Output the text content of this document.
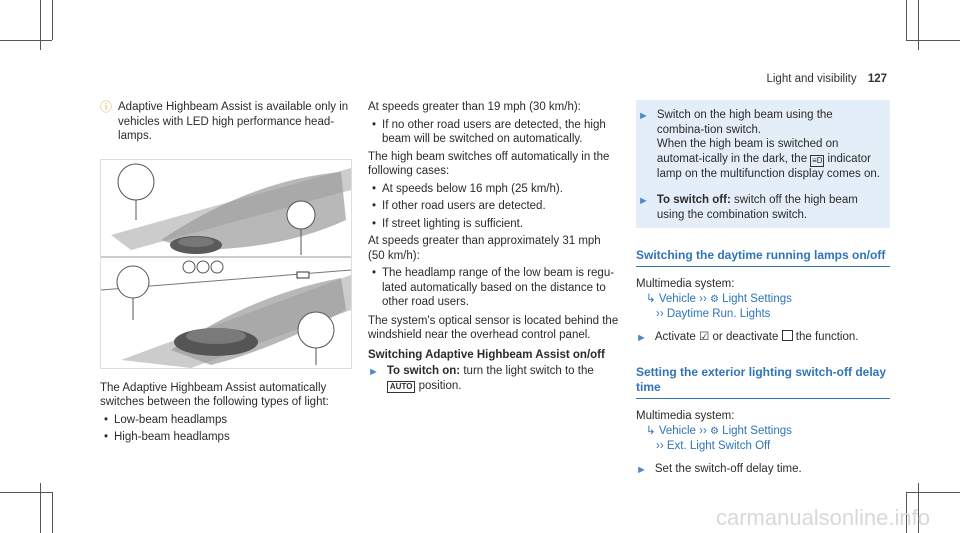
Light and visibility 127
ⓘ Adaptive Highbeam Assist is available only in vehicles with LED high performance head-lamps.

The Adaptive Highbeam Assist automatically switches between the following types of light:

• Low-beam headlamps
• High-beam headlamps

At speeds greater than 19 mph (30 km/h):

• If no other road users are detected, the high beam will be switched on automatically.

The high beam switches off automatically in the following cases:

• At speeds below 16 mph (25 km/h).
• If other road users are detected.
• If street lighting is sufficient.

At speeds greater than approximately 31 mph (50 km/h):

• The headlamp range of the low beam is regu-lated automatically based on the distance to other road users.

The system's optical sensor is located behind the windshield near the overhead control panel.

Switching Adaptive Highbeam Assist on/off

► To switch on: turn the light switch to the AUTO position.
► Switch on the high beam using the combina-tion switch.

When the high beam is switched on automat-ically in the dark, the ≡D indicator lamp on the multifunction display comes on.

► To switch off: switch off the high beam using the combination switch.

Switching the daytime running lamps on/off

Multimedia system:

↳ Vehicle ›› ⚙ Light Settings

›› Daytime Run. Lights

► Activate ☑ or deactivate the function.

Setting the exterior lighting switch-off delay time

Multimedia system:

↳ Vehicle ›› ⚙ Light Settings

›› Ext. Light Switch Off

► Set the switch-off delay time.

carmanualsonline.info
